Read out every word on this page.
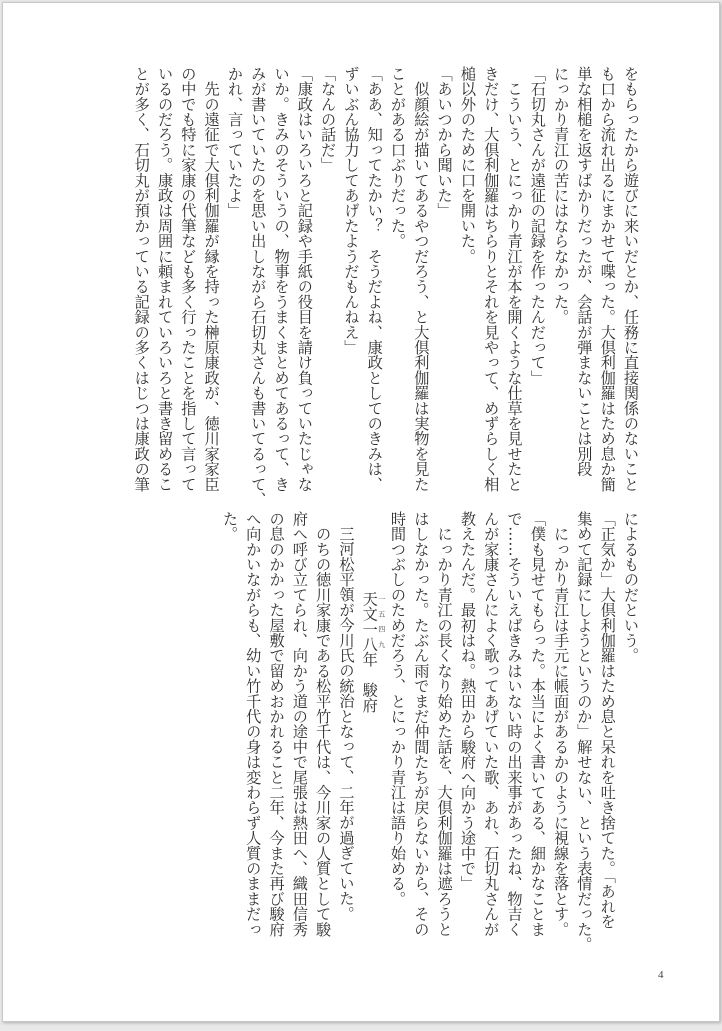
をもらったから遊びに来いだとか、任務に直接関係のないこと
も口から流れ出るにまかせて喋った。大倶利伽羅はため息か簡
単な相槌を返すばかりだったが、会話が弾まないことは別段
にっかり青江の苦にはならなかった。
「石切丸さんが遠征の記録を作ったんだって」
　こういう、とにっかり青江が本を開くような仕草を見せたと
きだけ、大倶利伽羅はちらりとそれを見やって、めずらしく相
槌以外のために口を開いた。
「あいつから聞いた」
　似顔絵が描いてあるやつだろう、と大倶利伽羅は実物を見た
ことがある口ぶりだった。
「ああ、知ってたかい？　そうだよね、康政としてのきみは、
ずいぶん協力してあげたようだもんねえ」
「なんの話だ」
「康政はいろいろと記録や手紙の役目を請け負っていたじゃな
いか。きみのそういうの、物事をうまくまとめてあるって、き
みが書いていたのを思い出しながら石切丸さんも書いてるって、
かれ、言っていたよ」
　先の遠征で大倶利伽羅が縁を持った榊原康政が、徳川家家臣
の中でも特に家康の代筆なども多く行ったことを指して言って
いるのだろう。康政は周囲に頼まれていろいろと書き留めるこ
とが多く、石切丸が預かっている記録の多くはじつは康政の筆
によるものだという。
「正気か」大倶利伽羅はため息と呆れを吐き捨てた。「あれを
集めて記録にしようというのか」解せない、という表情だった。
　にっかり青江は手元に帳面があるかのように視線を落とす。
「僕も見せてもらった。本当によく書いてある、細かなことま
で……そういえばきみはいない時の出来事があったね、物吉く
んが家康さんによく歌ってあげていた歌、あれ、石切丸さんが
教えたんだ。最初はね。熱田から駿府へ向かう途中で」
　にっかり青江の長くなり始めた話を、大倶利伽羅は遮ろうと
はしなかった。たぶん雨でまだ仲間たちが戻らないから、その
時間つぶしのためだろう、とにっかり青江は語り始める。
天文一八 一五四九年　駿府
三河松平領が今川氏の統治となって、二年が過ぎていた。
　のちの徳川家康である松平竹千代は、今川家の人質として駿
府へ呼び立てられ、向かう道の途中で尾張は熱田へ、織田信秀
の息のかかった屋敷で留めおかれること二年、今また再び駿府
へ向かいながらも、幼い竹千代の身は変わらず人質のままだっ
た。
4
